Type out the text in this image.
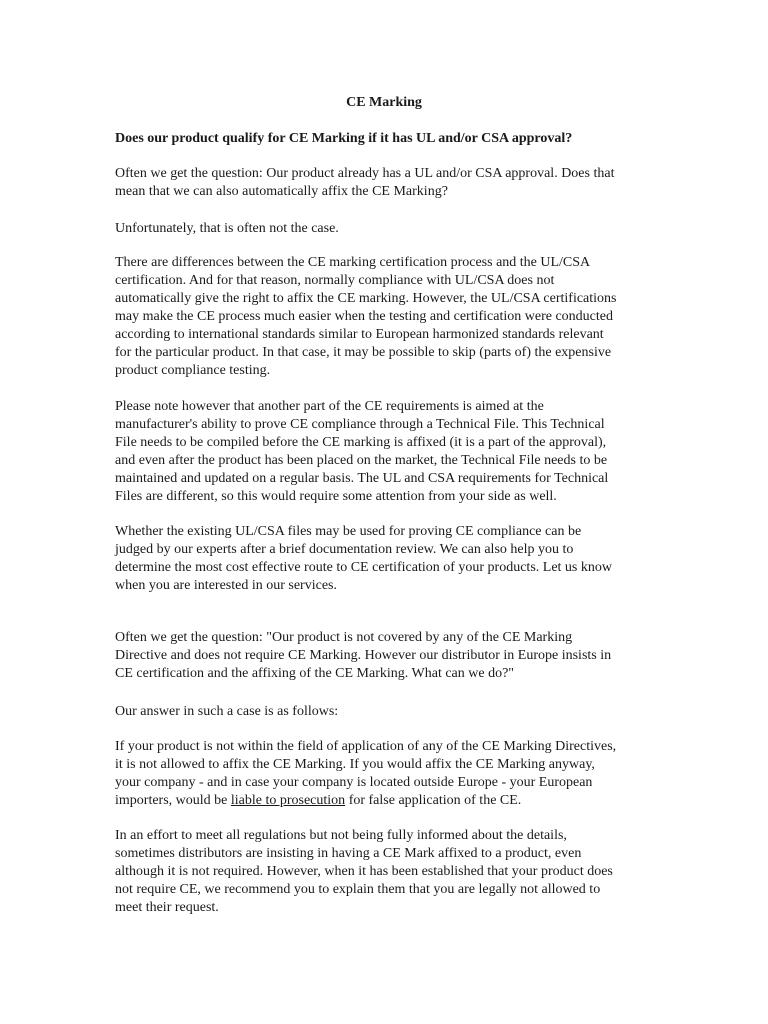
CE Marking
Does our product qualify for CE Marking if it has UL and/or CSA approval?
Often we get the question: Our product already has a UL and/or CSA approval. Does that
mean that we can also automatically affix the CE Marking?
Unfortunately, that is often not the case.
There are differences between the CE marking certification process and the UL/CSA
certification. And for that reason, normally compliance with UL/CSA does not
automatically give the right to affix the CE marking. However, the UL/CSA certifications
may make the CE process much easier when the testing and certification were conducted
according to international standards similar to European harmonized standards relevant
for the particular product. In that case, it may be possible to skip (parts of) the expensive
product compliance testing.
Please note however that another part of the CE requirements is aimed at the
manufacturer's ability to prove CE compliance through a Technical File. This Technical
File needs to be compiled before the CE marking is affixed (it is a part of the approval),
and even after the product has been placed on the market, the Technical File needs to be
maintained and updated on a regular basis. The UL and CSA requirements for Technical
Files are different, so this would require some attention from your side as well.
Whether the existing UL/CSA files may be used for proving CE compliance can be
judged by our experts after a brief documentation review. We can also help you to
determine the most cost effective route to CE certification of your products. Let us know
when you are interested in our services.
Often we get the question: "Our product is not covered by any of the CE Marking
Directive and does not require CE Marking. However our distributor in Europe insists in
CE certification and the affixing of the CE Marking. What can we do?"
Our answer in such a case is as follows:
If your product is not within the field of application of any of the CE Marking Directives,
it is not allowed to affix the CE Marking. If you would affix the CE Marking anyway,
your company - and in case your company is located outside Europe - your European
importers, would be liable to prosecution for false application of the CE.
In an effort to meet all regulations but not being fully informed about the details,
sometimes distributors are insisting in having a CE Mark affixed to a product, even
although it is not required. However, when it has been established that your product does
not require CE, we recommend you to explain them that you are legally not allowed to
meet their request.
